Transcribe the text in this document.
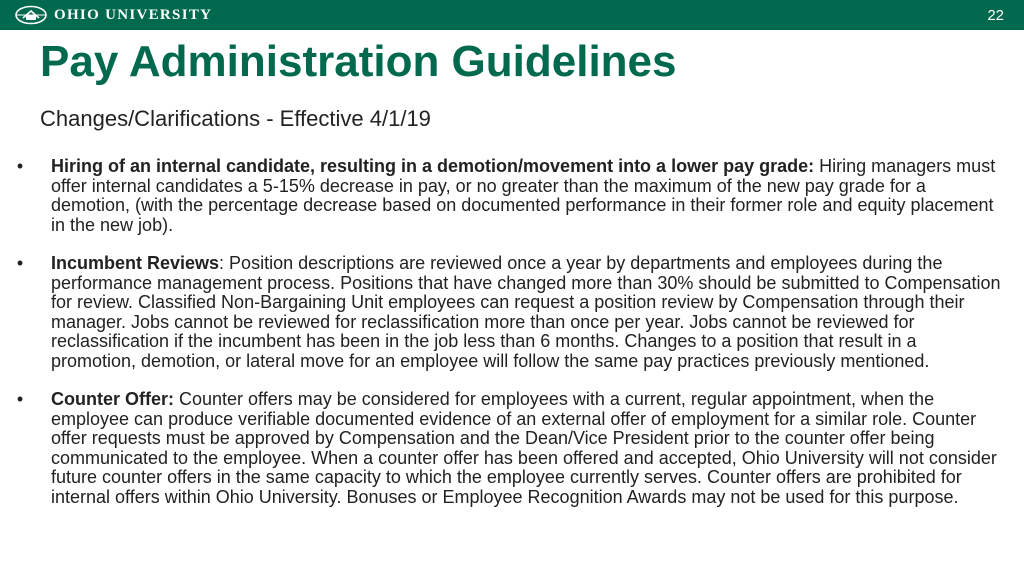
OHIO UNIVERSITY	22
Pay Administration Guidelines
Changes/Clarifications - Effective 4/1/19
• Hiring of an internal candidate, resulting in a demotion/movement into a lower pay grade: Hiring managers must offer internal candidates a 5-15% decrease in pay, or no greater than the maximum of the new pay grade for a demotion, (with the percentage decrease based on documented performance in their former role and equity placement in the new job).
• Incumbent Reviews: Position descriptions are reviewed once a year by departments and employees during the performance management process. Positions that have changed more than 30% should be submitted to Compensation for review. Classified Non-Bargaining Unit employees can request a position review by Compensation through their manager. Jobs cannot be reviewed for reclassification more than once per year. Jobs cannot be reviewed for reclassification if the incumbent has been in the job less than 6 months. Changes to a position that result in a promotion, demotion, or lateral move for an employee will follow the same pay practices previously mentioned.
• Counter Offer: Counter offers may be considered for employees with a current, regular appointment, when the employee can produce verifiable documented evidence of an external offer of employment for a similar role. Counter offer requests must be approved by Compensation and the Dean/Vice President prior to the counter offer being communicated to the employee. When a counter offer has been offered and accepted, Ohio University will not consider future counter offers in the same capacity to which the employee currently serves. Counter offers are prohibited for internal offers within Ohio University. Bonuses or Employee Recognition Awards may not be used for this purpose.
